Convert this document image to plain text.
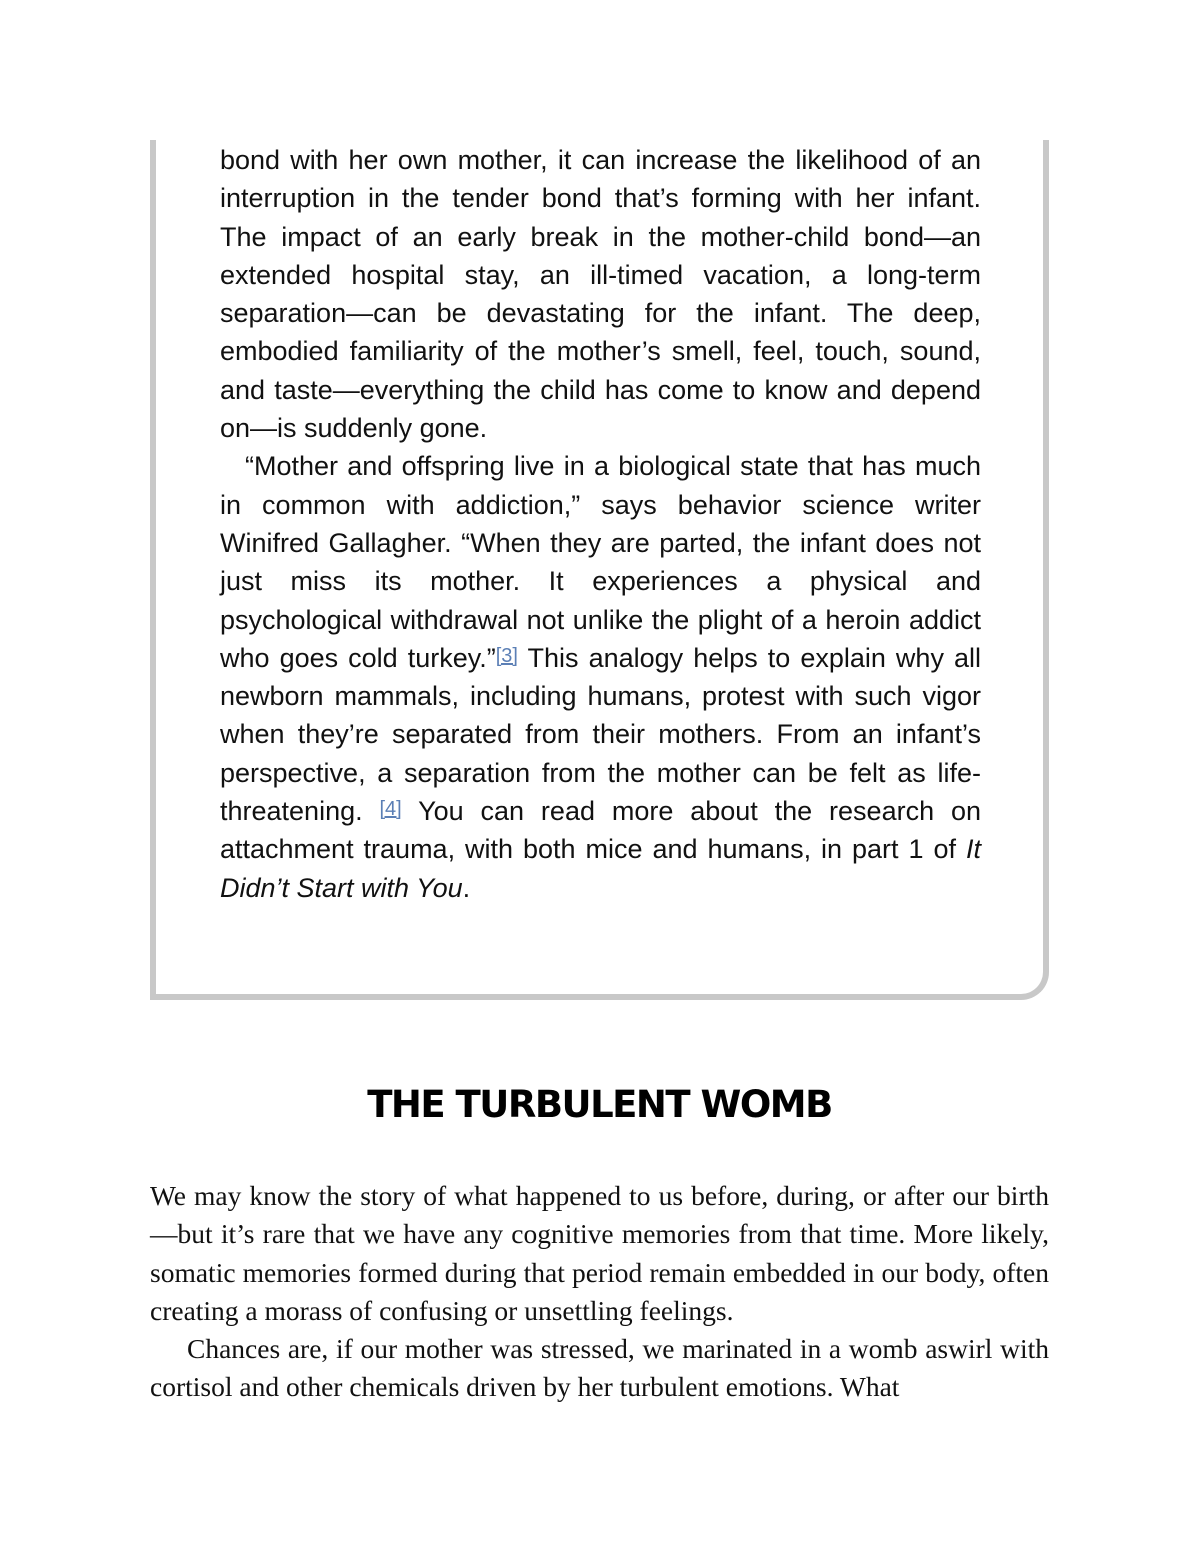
bond with her own mother, it can increase the likelihood of an interruption in the tender bond that’s forming with her infant. The impact of an early break in the mother-child bond—an extended hospital stay, an ill-timed vacation, a long-term separation—can be devastating for the infant. The deep, embodied familiarity of the mother’s smell, feel, touch, sound, and taste—everything the child has come to know and depend on—is suddenly gone.

“Mother and offspring live in a biological state that has much in common with addiction,” says behavior science writer Winifred Gallagher. “When they are parted, the infant does not just miss its mother. It experiences a physical and psychological withdrawal not unlike the plight of a heroin addict who goes cold turkey.”[3] This analogy helps to explain why all newborn mammals, including humans, protest with such vigor when they’re separated from their mothers. From an infant’s perspective, a separation from the mother can be felt as life-threatening. [4] You can read more about the research on attachment trauma, with both mice and humans, in part 1 of It Didn’t Start with You.

THE TURBULENT WOMB

We may know the story of what happened to us before, during, or after our birth—but it’s rare that we have any cognitive memories from that time. More likely, somatic memories formed during that period remain embedded in our body, often creating a morass of confusing or unsettling feelings.

Chances are, if our mother was stressed, we marinated in a womb aswirl with cortisol and other chemicals driven by her turbulent emotions. What
